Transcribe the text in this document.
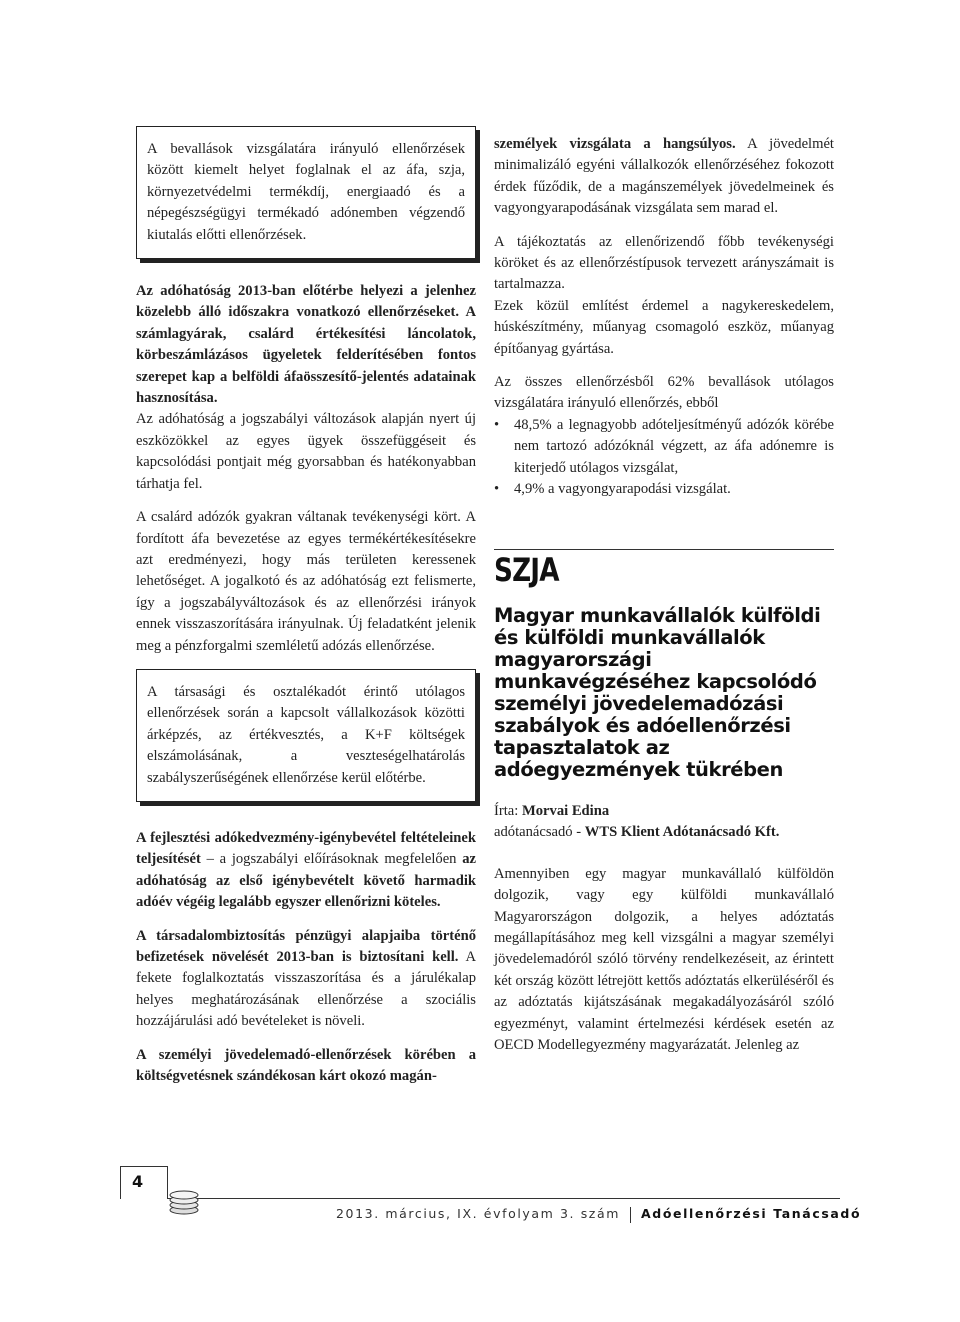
A bevallások vizsgálatára irányuló ellenőrzések között kiemelt helyet foglalnak el az áfa, szja, környezetvédelmi termékdíj, energiaadó és a népegészségügyi termékadó adónemben végzendő kiutalás előtti ellenőrzések.

Az adóhatóság 2013-ban előtérbe helyezi a jelenhez közelebb álló időszakra vonatkozó ellenőrzéseket. A számlagyárak, csalárd értékesítési láncolatok, körbeszámlázásos ügyeletek felderítésében fontos szerepet kap a belföldi áfaösszesítő-jelentés adatainak hasznosítása.
Az adóhatóság a jogszabályi változások alapján nyert új eszközökkel az egyes ügyek összefüggéseit és kapcsolódási pontjait még gyorsabban és hatékonyabban tárhatja fel.

A csalárd adózók gyakran váltanak tevékenységi kört. A fordított áfa bevezetése az egyes termékértékesítésekre azt eredményezi, hogy más területen keressenek lehetőséget. A jogalkotó és az adóhatóság ezt felismerte, így a jogszabályváltozások és az ellenőrzési irányok ennek visszaszorítására irányulnak. Új feladatként jelenik meg a pénzforgalmi szemléletű adózás ellenőrzése.

A társasági és osztalékadót érintő utólagos ellenőrzések során a kapcsolt vállalkozások közötti árképzés, az értékvesztés, a K+F költségek elszámolásának, a veszteségelhatárolás szabályszerűségének ellenőrzése kerül előtérbe.

A fejlesztési adókedvezmény-igénybevétel feltételeinek teljesítését – a jogszabályi előírásoknak megfelelően az adóhatóság az első igénybevételt követő harmadik adóév végéig legalább egyszer ellenőrizni köteles.

A társadalombiztosítás pénzügyi alapjaiba történő befizetések növelését 2013-ban is biztosítani kell. A fekete foglalkoztatás visszaszorítása és a járulékalap helyes meghatározásának ellenőrzése a szociális hozzájárulási adó bevételeket is növeli.

A személyi jövedelemadó-ellenőrzések körében a költségvetésnek szándékosan kárt okozó magán-

személyek vizsgálata a hangsúlyos. A jövedelmét minimalizáló egyéni vállalkozók ellenőrzéséhez fokozott érdek fűződik, de a magánszemélyek jövedelmeinek és vagyongyarapodásának vizsgálata sem marad el.

A tájékoztatás az ellenőrizendő főbb tevékenységi köröket és az ellenőrzéstípusok tervezett arányszámait is tartalmazza.

Ezek közül említést érdemel a nagykereskedelem, húskészítmény, műanyag csomagoló eszköz, műanyag építőanyag gyártása.

Az összes ellenőrzésből 62% bevallások utólagos vizsgálatára irányuló ellenőrzés, ebből

• 48,5% a legnagyobb adóteljesítményű adózók körébe nem tartozó adózóknál végzett, az áfa adónemre is kiterjedő utólagos vizsgálat,
• 4,9% a vagyongyarapodási vizsgálat.
SZJA
Magyar munkavállalók külföldi és külföldi munkavállalók magyarországi munkavégzéséhez kapcsolódó személyi jövedelemadózási szabályok és adóellenőrzési tapasztalatok az adóegyezmények tükrében
Írta: Morvai Edina
adótanácsadó - WTS Klient Adótanácsadó Kft.

Amennyiben egy magyar munkavállaló külföldön dolgozik, vagy egy külföldi munkavállaló Magyarországon dolgozik, a helyes adóztatás megállapításához meg kell vizsgálni a magyar személyi jövedelemadóról szóló törvény rendelkezéseit, az érintett két ország között létrejött kettős adóztatás elkerüléséről és az adóztatás kijátszásának megakadályozásáról szóló egyezményt, valamint értelmezési kérdések esetén az OECD Modellegyezmény magyarázatát. Jelenleg az

4
2013. március, IX. évfolyam 3. szám Adóellenőrzési Tanácsadó
